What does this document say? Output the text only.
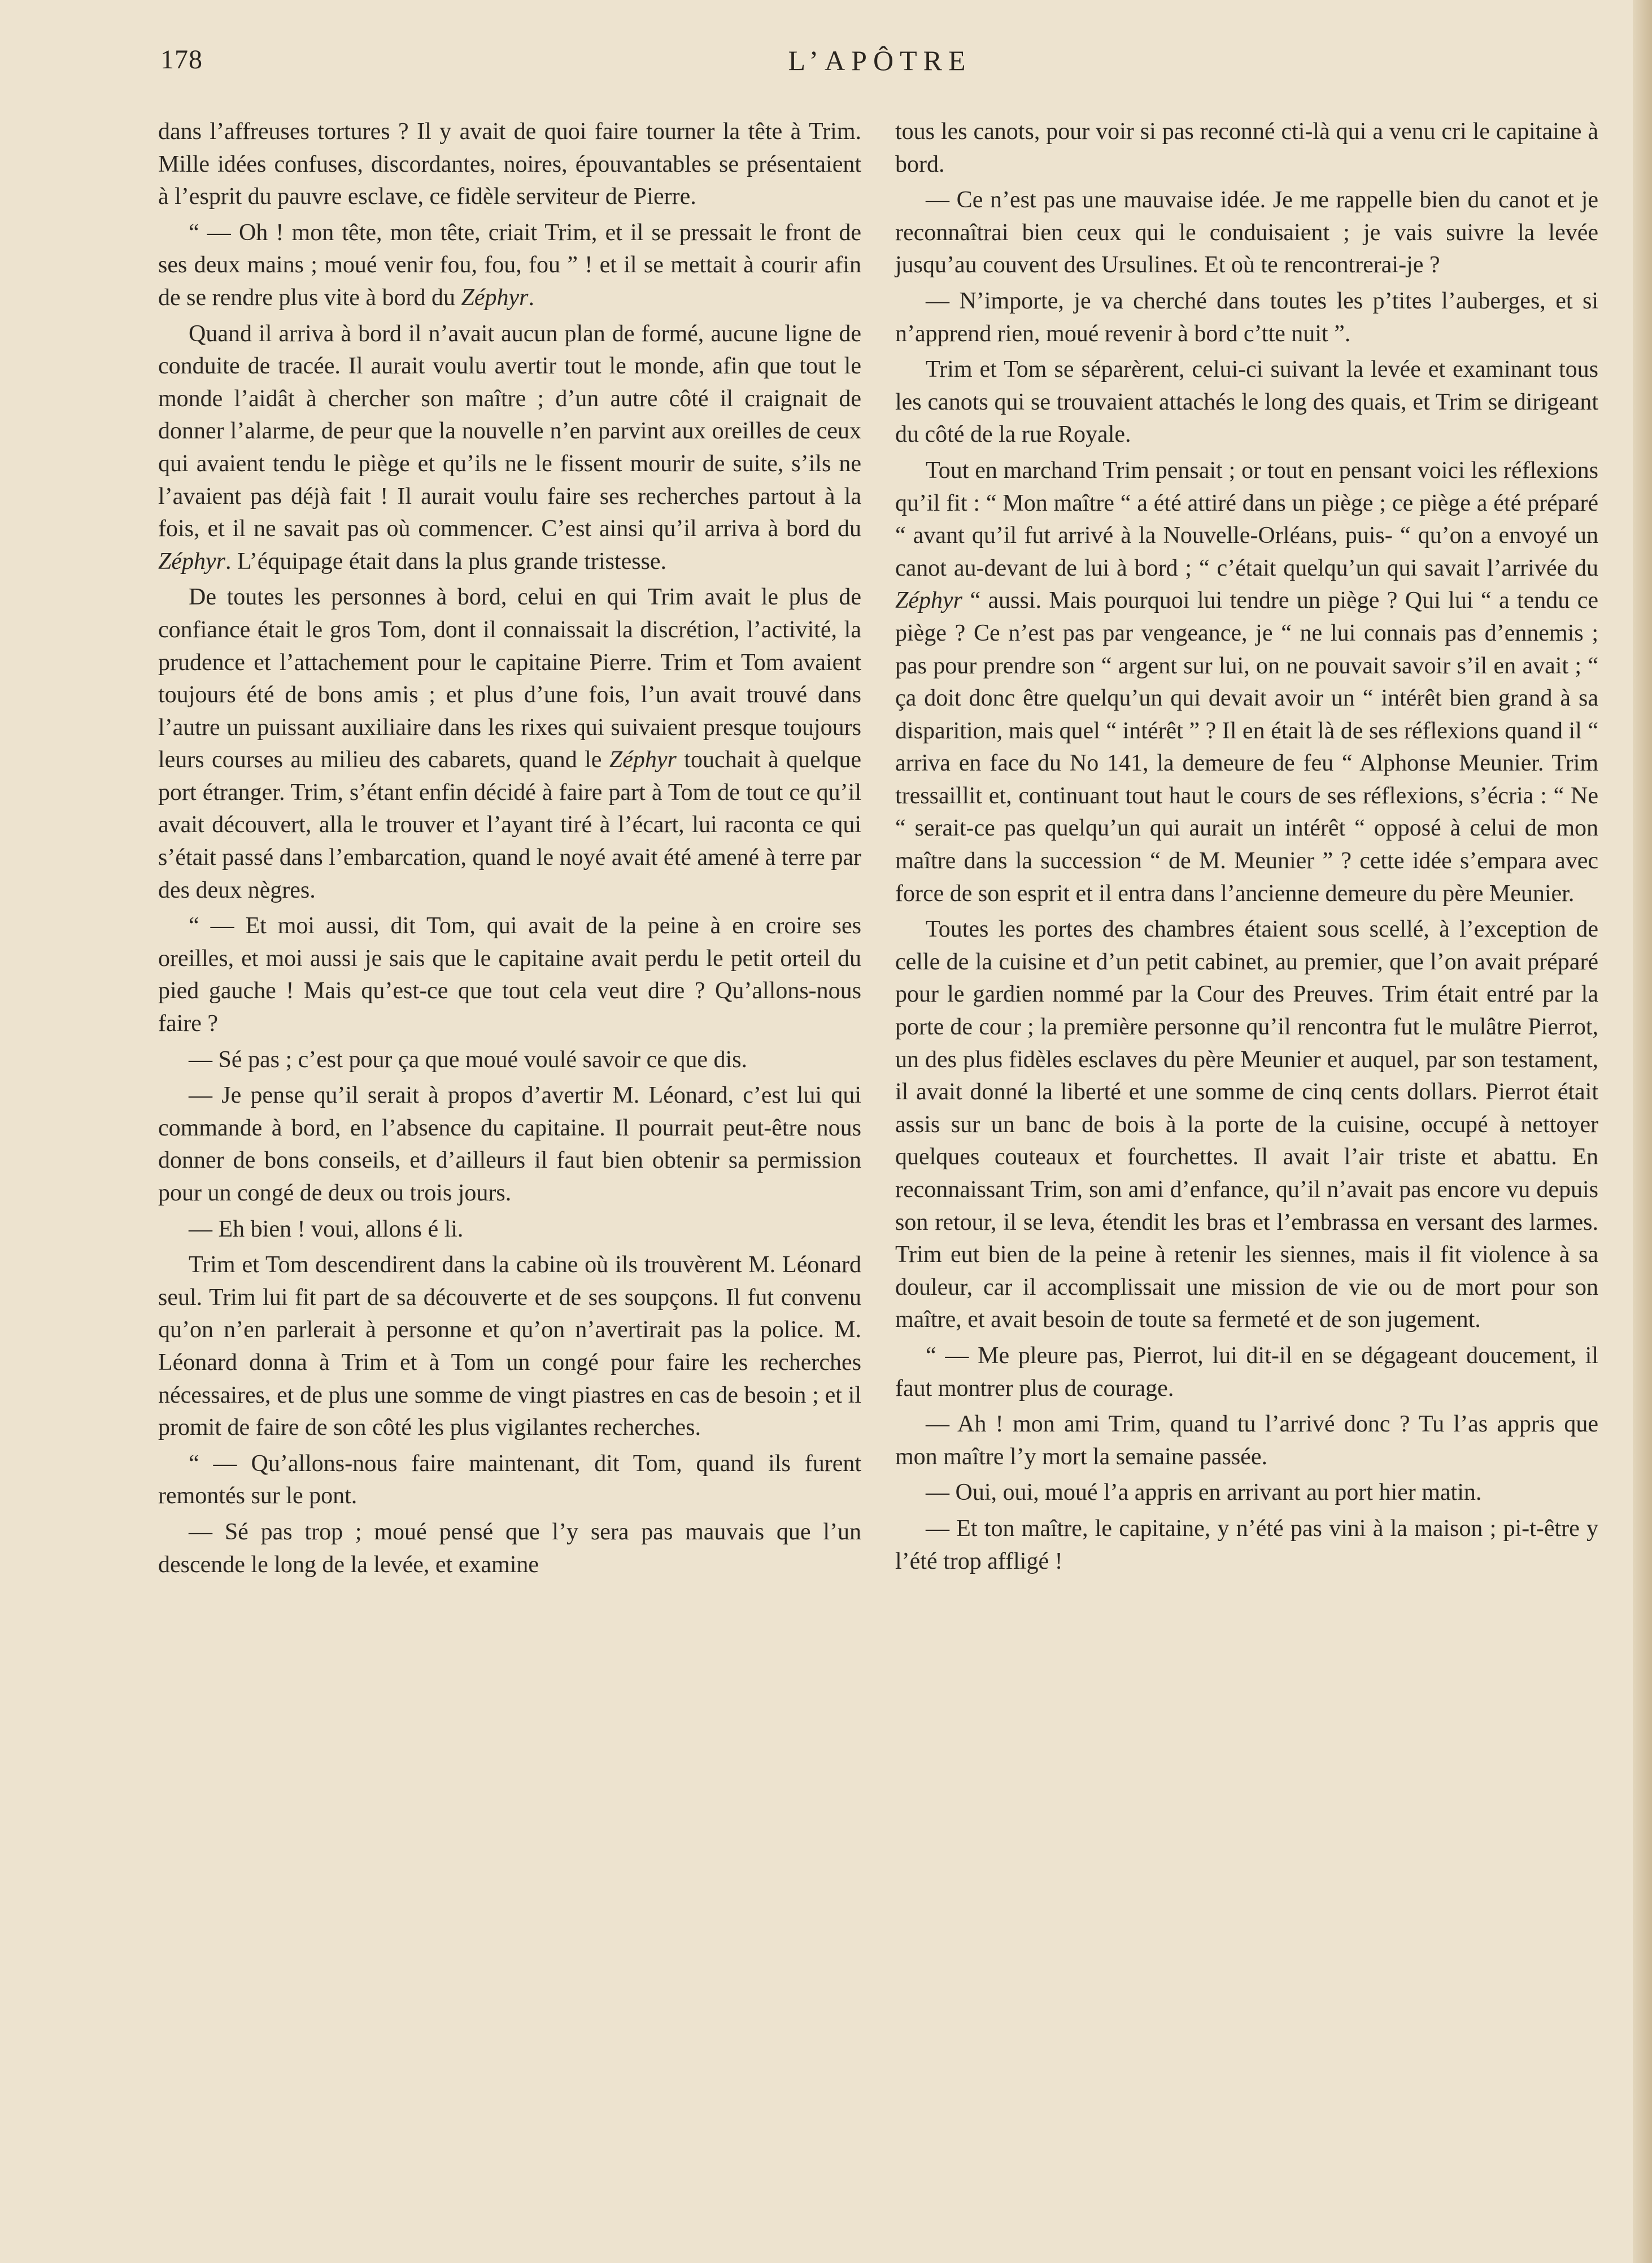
178	L’APÔTRE

dans l’affreuses tortures ? Il y avait de quoi faire tourner la tête à Trim. Mille idées confuses, discordantes, noires, épouvantables se présentaient à l’esprit du pauvre esclave, ce fidèle serviteur de Pierre.

“ — Oh ! mon tête, mon tête, criait Trim, et il se pressait le front de ses deux mains ; moué venir fou, fou, fou ” ! et il se mettait à courir afin de se rendre plus vite à bord du Zéphyr.

Quand il arriva à bord il n’avait aucun plan de formé, aucune ligne de conduite de tracée. Il aurait voulu avertir tout le monde, afin que tout le monde l’aidât à chercher son maître ; d’un autre côté il craignait de donner l’alarme, de peur que la nouvelle n’en parvint aux oreilles de ceux qui avaient tendu le piège et qu’ils ne le fissent mourir de suite, s’ils ne l’avaient pas déjà fait ! Il aurait voulu faire ses recherches partout à la fois, et il ne savait pas où commencer. C’est ainsi qu’il arriva à bord du Zéphyr. L’équipage était dans la plus grande tristesse.

De toutes les personnes à bord, celui en qui Trim avait le plus de confiance était le gros Tom, dont il connaissait la discrétion, l’activité, la prudence et l’attachement pour le capitaine Pierre. Trim et Tom avaient toujours été de bons amis ; et plus d’une fois, l’un avait trouvé dans l’autre un puissant auxiliaire dans les rixes qui suivaient presque toujours leurs courses au milieu des cabarets, quand le Zéphyr touchait à quelque port étranger. Trim, s’étant enfin décidé à faire part à Tom de tout ce qu’il avait découvert, alla le trouver et l’ayant tiré à l’écart, lui raconta ce qui s’était passé dans l’embarcation, quand le noyé avait été amené à terre par des deux nègres.

“ — Et moi aussi, dit Tom, qui avait de la peine à en croire ses oreilles, et moi aussi je sais que le capitaine avait perdu le petit orteil du pied gauche ! Mais qu’est-ce que tout cela veut dire ? Qu’allons-nous faire ?

— Sé pas ; c’est pour ça que moué voulé savoir ce que dis.

— Je pense qu’il serait à propos d’avertir M. Léonard, c’est lui qui commande à bord, en l’absence du capitaine. Il pourrait peut-être nous donner de bons conseils, et d’ailleurs il faut bien obtenir sa permission pour un congé de deux ou trois jours.

— Eh bien ! voui, allons é li.

Trim et Tom descendirent dans la cabine où ils trouvèrent M. Léonard seul. Trim lui fit part de sa découverte et de ses soupçons. Il fut convenu qu’on n’en parlerait à personne et qu’on n’avertirait pas la police. M. Léonard donna à Trim et à Tom un congé pour faire les recherches nécessaires, et de plus une somme de vingt piastres en cas de besoin ; et il promit de faire de son côté les plus vigilantes recherches.

“ — Qu’allons-nous faire maintenant, dit Tom, quand ils furent remontés sur le pont.

— Sé pas trop ; moué pensé que l’y sera pas mauvais que l’un descende le long de la levée, et examine

tous les canots, pour voir si pas reconné cti-là qui a venu cri le capitaine à bord.

— Ce n’est pas une mauvaise idée. Je me rappelle bien du canot et je reconnaîtrai bien ceux qui le conduisaient ; je vais suivre la levée jusqu’au couvent des Ursulines. Et où te rencontrerai-je ?

— N’importe, je va cherché dans toutes les p’tites l’auberges, et si n’apprend rien, moué revenir à bord c’tte nuit ”.

Trim et Tom se séparèrent, celui-ci suivant la levée et examinant tous les canots qui se trouvaient attachés le long des quais, et Trim se dirigeant du côté de la rue Royale.

Tout en marchand Trim pensait ; or tout en pensant voici les réflexions qu’il fit : “ Mon maître “ a été attiré dans un piège ; ce piège a été préparé “ avant qu’il fut arrivé à la Nouvelle-Orléans, puis- “ qu’on a envoyé un canot au-devant de lui à bord ; “ c’était quelqu’un qui savait l’arrivée du Zéphyr “ aussi. Mais pourquoi lui tendre un piège ? Qui lui “ a tendu ce piège ? Ce n’est pas par vengeance, je “ ne lui connais pas d’ennemis ; pas pour prendre son “ argent sur lui, on ne pouvait savoir s’il en avait ; “ ça doit donc être quelqu’un qui devait avoir un “ intérêt bien grand à sa disparition, mais quel “ intérêt ” ? Il en était là de ses réflexions quand il “ arriva en face du No 141, la demeure de feu “ Alphonse Meunier. Trim tressaillit et, continuant tout haut le cours de ses réflexions, s’écria : “ Ne “ serait-ce pas quelqu’un qui aurait un intérêt “ opposé à celui de mon maître dans la succession “ de M. Meunier ” ? cette idée s’empara avec force de son esprit et il entra dans l’ancienne demeure du père Meunier.

Toutes les portes des chambres étaient sous scellé, à l’exception de celle de la cuisine et d’un petit cabinet, au premier, que l’on avait préparé pour le gardien nommé par la Cour des Preuves. Trim était entré par la porte de cour ; la première personne qu’il rencontra fut le mulâtre Pierrot, un des plus fidèles esclaves du père Meunier et auquel, par son testament, il avait donné la liberté et une somme de cinq cents dollars. Pierrot était assis sur un banc de bois à la porte de la cuisine, occupé à nettoyer quelques couteaux et fourchettes. Il avait l’air triste et abattu. En reconnaissant Trim, son ami d’enfance, qu’il n’avait pas encore vu depuis son retour, il se leva, étendit les bras et l’embrassa en versant des larmes. Trim eut bien de la peine à retenir les siennes, mais il fit violence à sa douleur, car il accomplissait une mission de vie ou de mort pour son maître, et avait besoin de toute sa fermeté et de son jugement.

“ — Me pleure pas, Pierrot, lui dit-il en se dégageant doucement, il faut montrer plus de courage.

— Ah ! mon ami Trim, quand tu l’arrivé donc ? Tu l’as appris que mon maître l’y mort la semaine passée.

— Oui, oui, moué l’a appris en arrivant au port hier matin.

— Et ton maître, le capitaine, y n’été pas vini à la maison ; pi-t-être y l’été trop affligé !
